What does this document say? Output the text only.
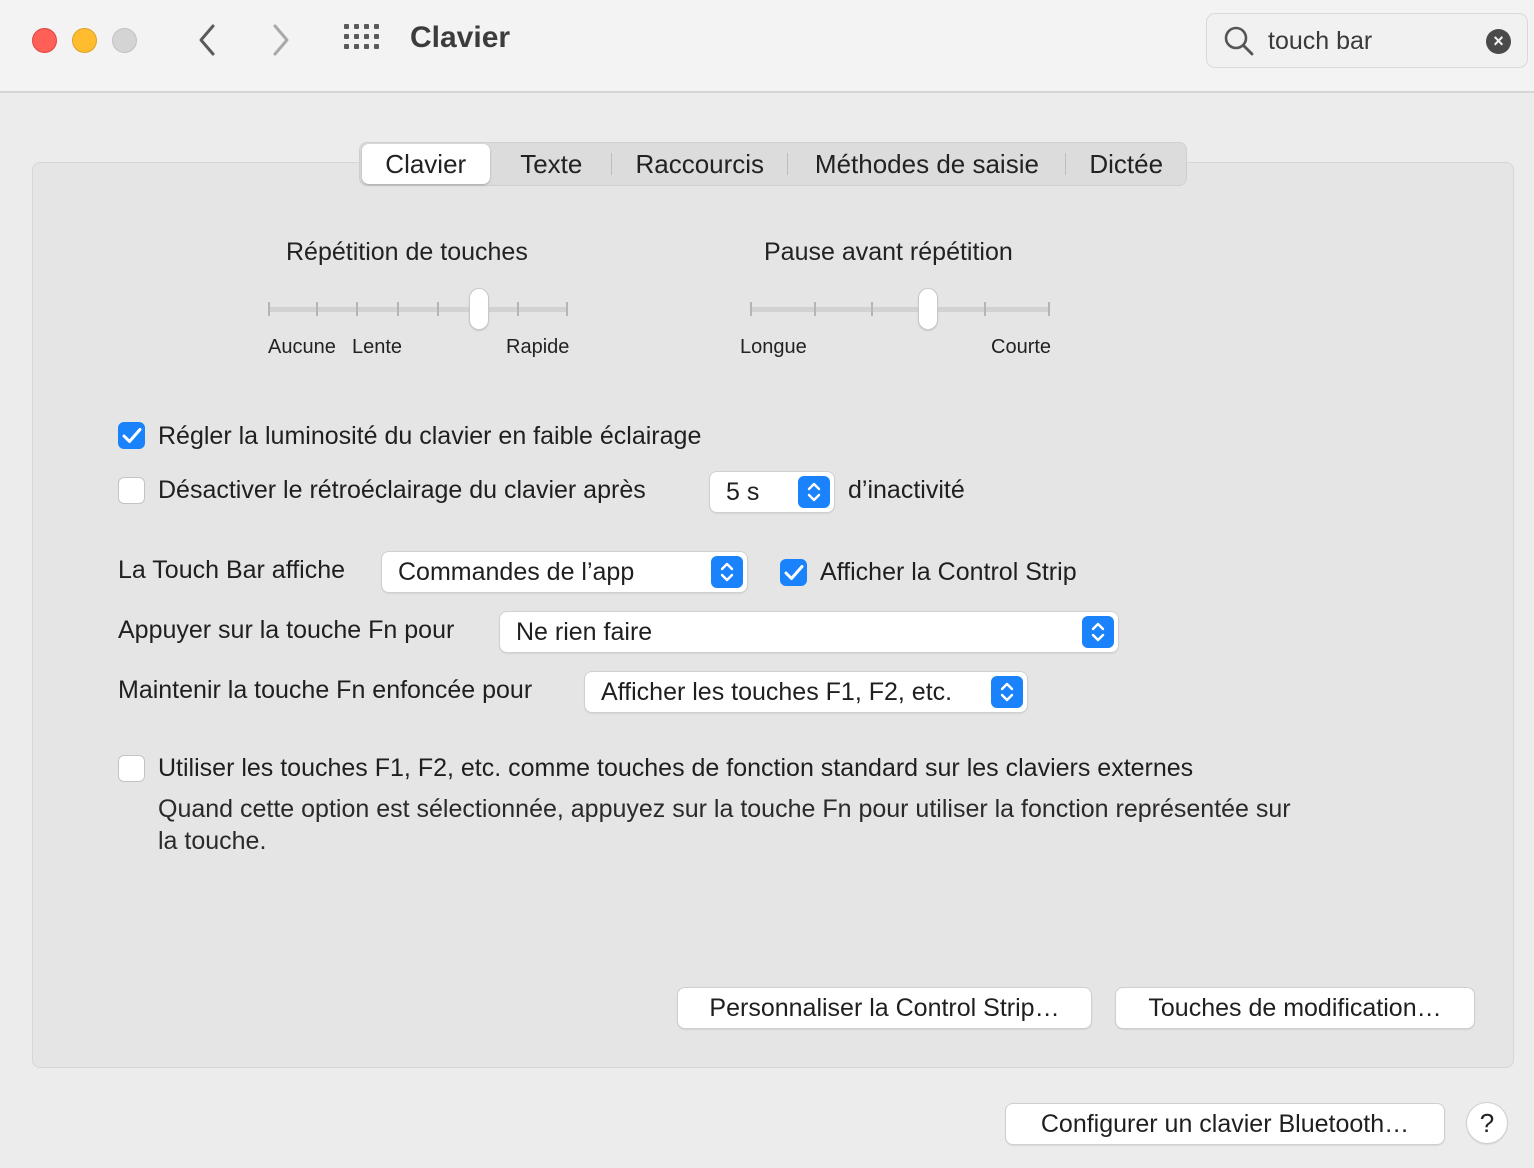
Clavier	touch bar	×
Clavier	Texte	Raccourcis	Méthodes de saisie	Dictée
Répétition de touches
Aucune Lente	Rapide
Pause avant répétition
Longue	Courte
Régler la luminosité du clavier en faible éclairage
Désactiver le rétroéclairage du clavier après	5 s	d’inactivité
La Touch Bar affiche Commandes de l’app	Afficher la Control Strip
Appuyer sur la touche Fn pour Ne rien faire
Maintenir la touche Fn enfoncée pour	Afficher les touches F1, F2, etc.
Utiliser les touches F1, F2, etc. comme touches de fonction standard sur les claviers externes
Quand cette option est sélectionnée, appuyez sur la touche Fn pour utiliser la fonction représentée sur
la touche.
Personnaliser la Control Strip…	Touches de modification…
Configurer un clavier Bluetooth…	?
